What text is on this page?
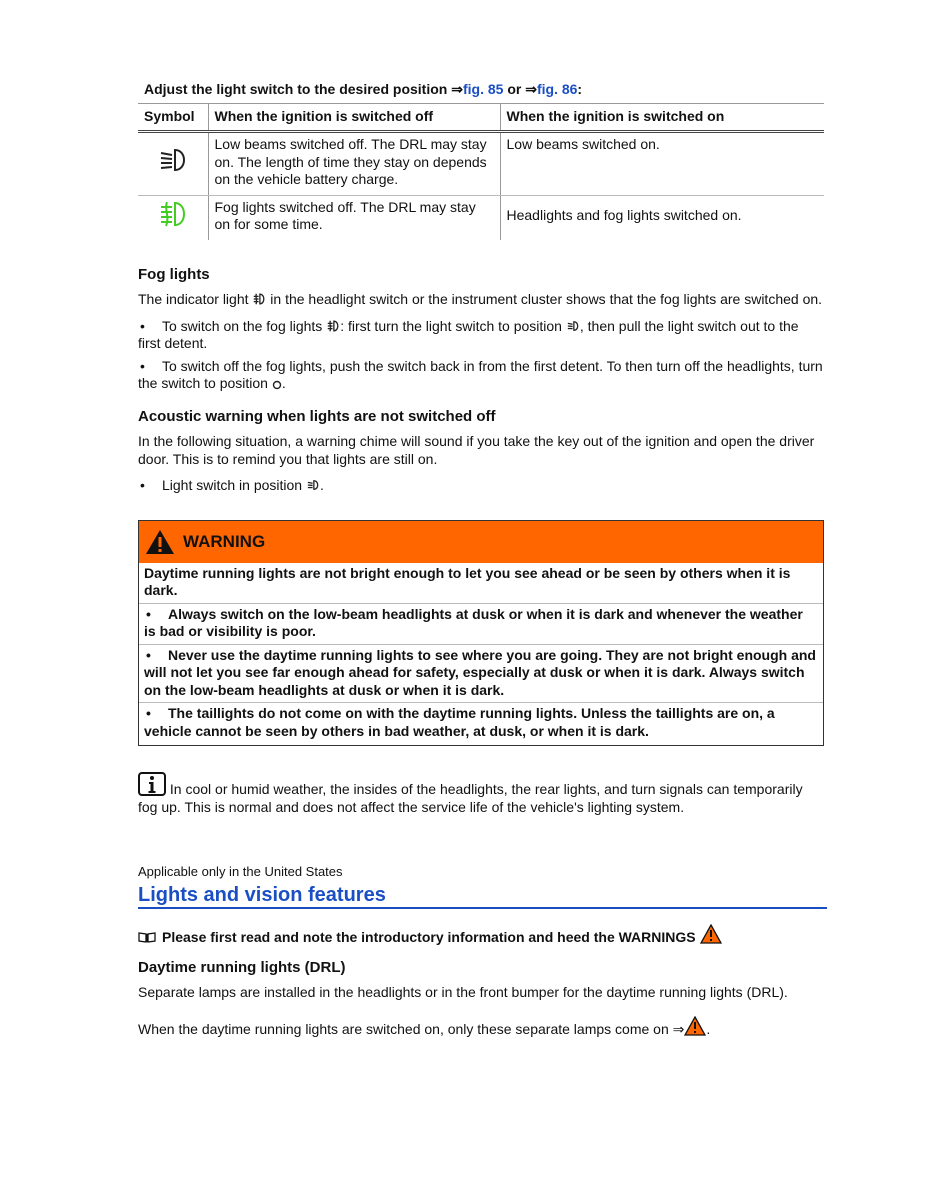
Adjust the light switch to the desired position ⇒fig. 85 or ⇒fig. 86:
Symbol	When the ignition is switched off	When the ignition is switched on
	Low beams switched off. The DRL may stay on. The length of time they stay on depends on the vehicle battery charge.	Low beams switched on.
	Fog lights switched off. The DRL may stay on for some time.	Headlights and fog lights switched on.
Fog lights

The indicator light in the headlight switch or the instrument cluster shows that the fog lights are switched on.

• To switch on the fog lights : first turn the light switch to position , then pull the light switch out to the first detent.

• To switch off the fog lights, push the switch back in from the first detent. To then turn off the headlights, turn the switch to position .

Acoustic warning when lights are not switched off

In the following situation, a warning chime will sound if you take the key out of the ignition and open the driver door. This is to remind you that lights are still on.

• Light switch in position .

WARNING
Daytime running lights are not bright enough to let you see ahead or be seen by others when it is dark.
• Always switch on the low-beam headlights at dusk or when it is dark and whenever the weather is bad or visibility is poor.
• Never use the daytime running lights to see where you are going. They are not bright enough and will not let you see far enough ahead for safety, especially at dusk or when it is dark. Always switch on the low-beam headlights at dusk or when it is dark.
• The taillights do not come on with the daytime running lights. Unless the taillights are on, a vehicle cannot be seen by others in bad weather, at dusk, or when it is dark.

In cool or humid weather, the insides of the headlights, the rear lights, and turn signals can temporarily fog up. This is normal and does not affect the service life of the vehicle's lighting system.

Applicable only in the United States

Lights and vision features

Please first read and note the introductory information and heed the WARNINGS

Daytime running lights (DRL)

Separate lamps are installed in the headlights or in the front bumper for the daytime running lights (DRL).

When the daytime running lights are switched on, only these separate lamps come on ⇒ .
